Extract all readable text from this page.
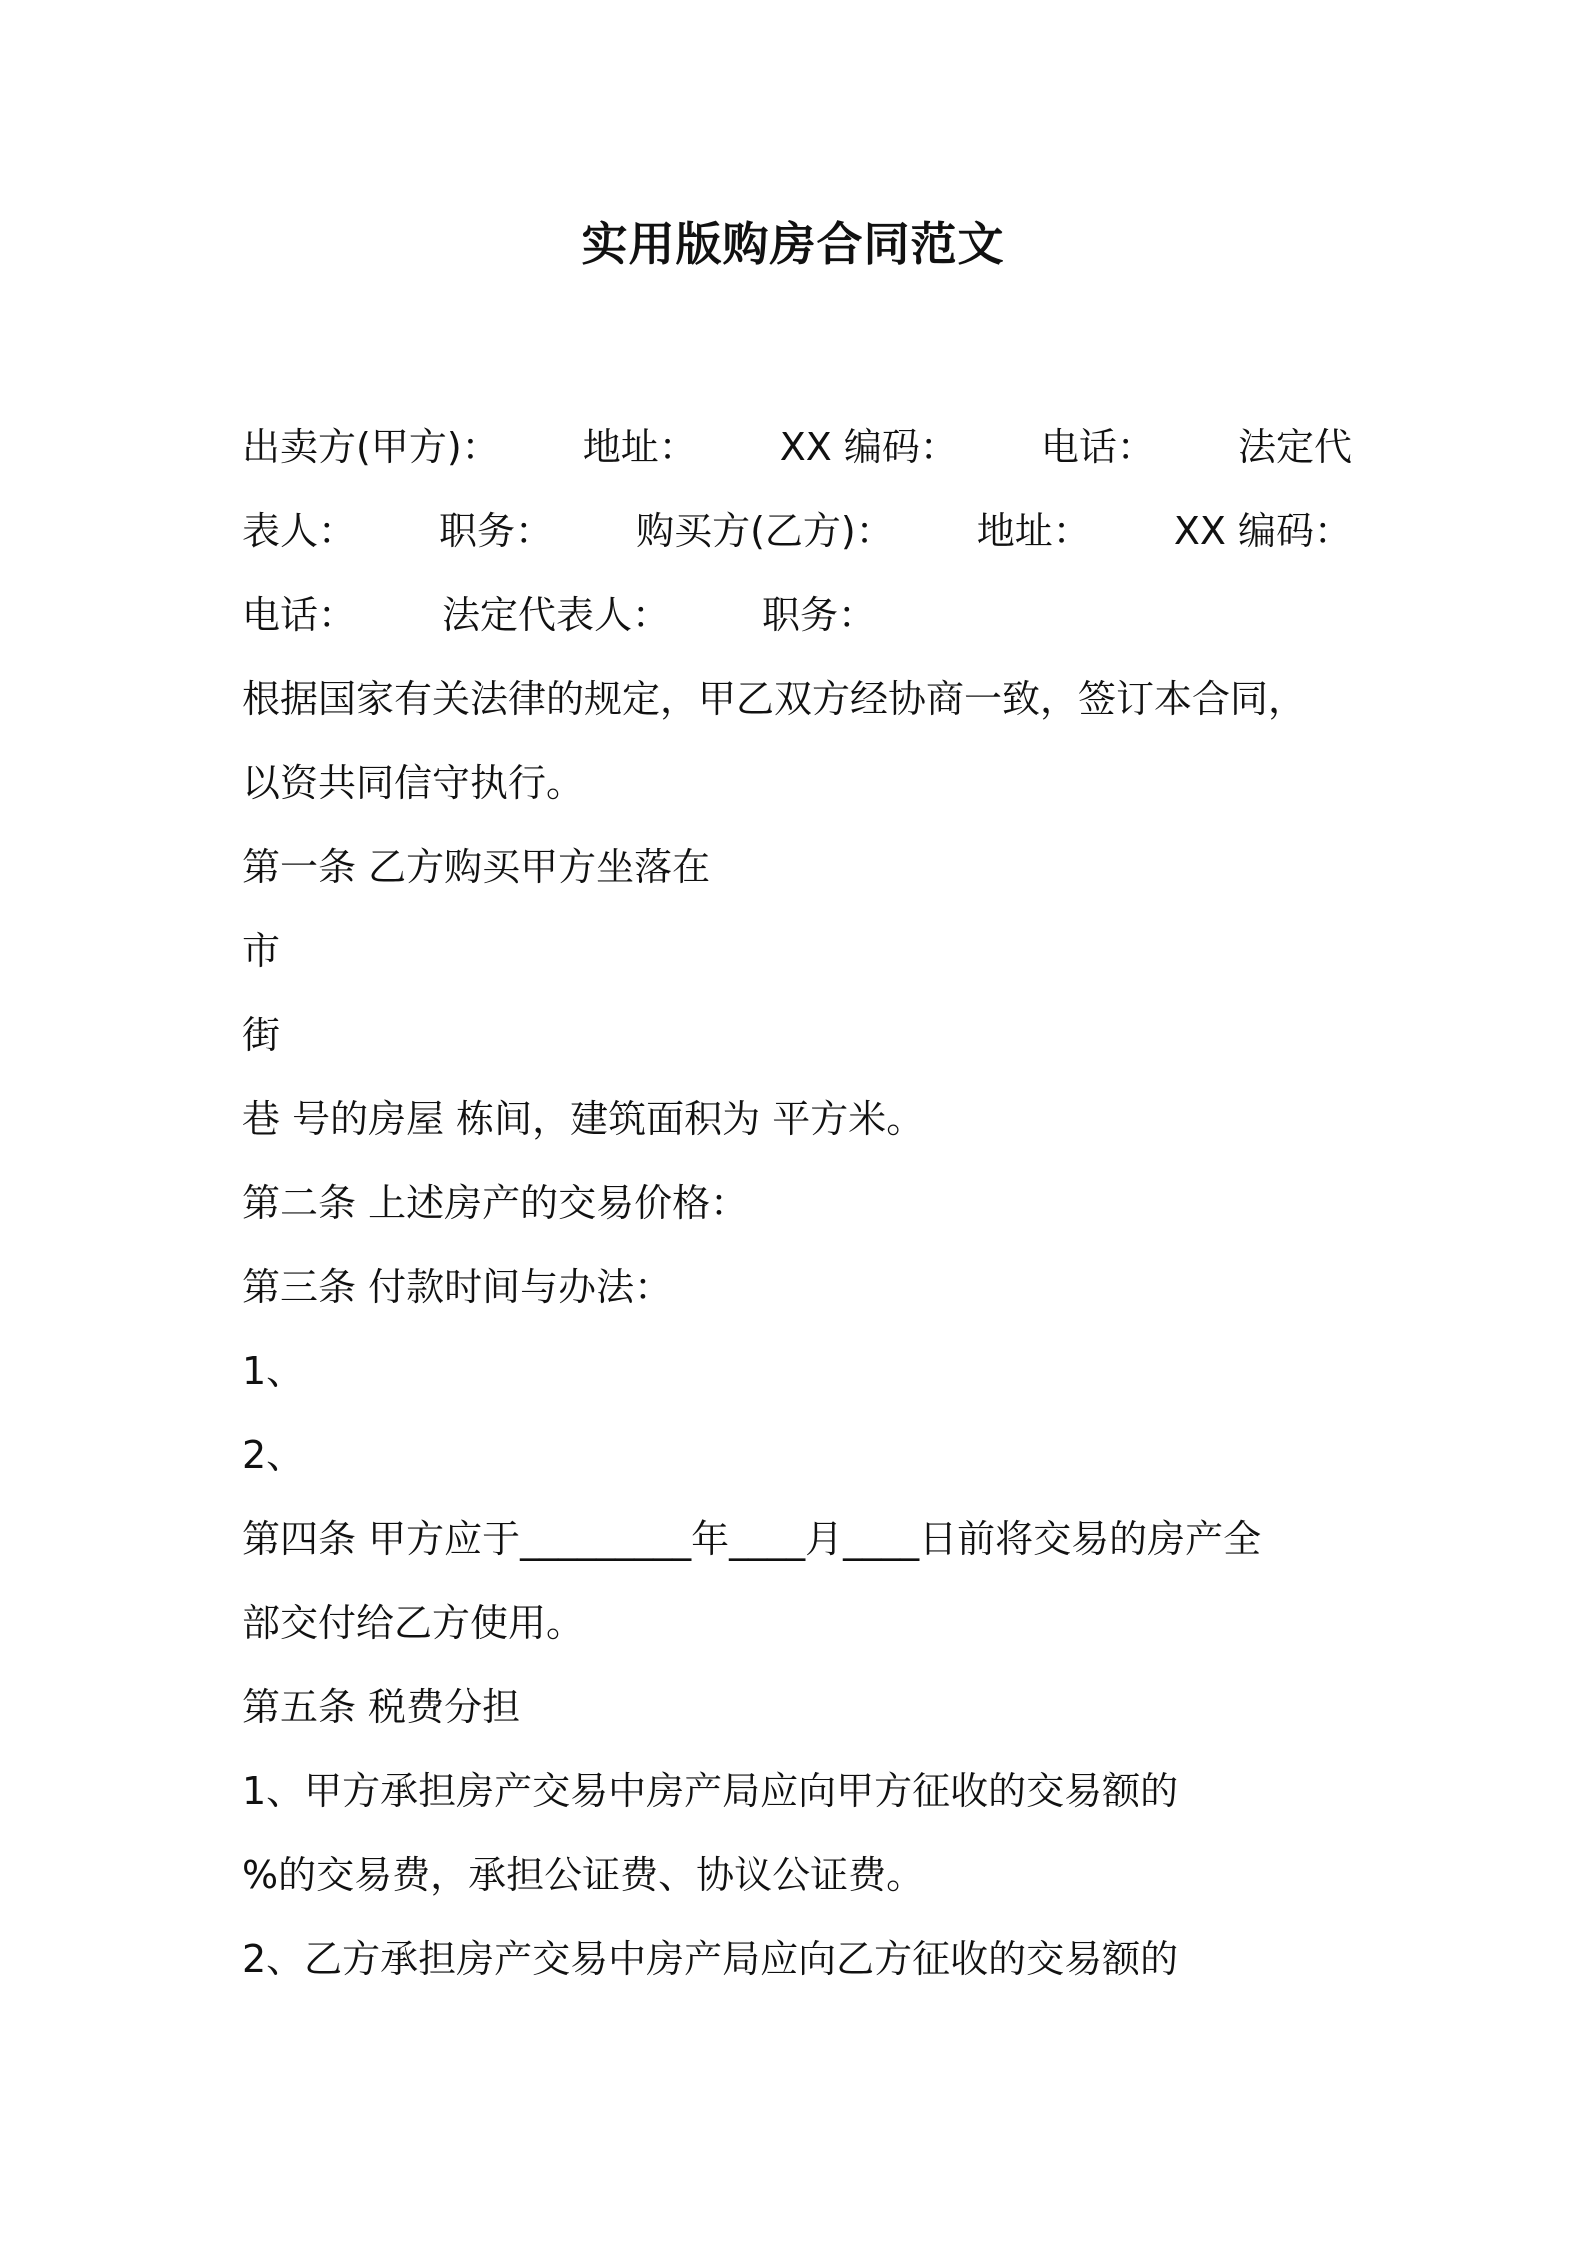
实用版购房合同范文
出卖方(甲方)： 地址： XX 编码： 电话： 法定代
表人： 职务： 购买方(乙方)： 地址： XX 编码：
电话： 法定代表人： 职务：
根据国家有关法律的规定，甲乙双方经协商一致，签订本合同，
以资共同信守执行。
第一条 乙方购买甲方坐落在
市
街
巷 号的房屋 栋间，建筑面积为 平方米。
第二条 上述房产的交易价格：
第三条 付款时间与办法：
1、
2、
第四条 甲方应于_________年____月____日前将交易的房产全
部交付给乙方使用。
第五条 税费分担
1、甲方承担房产交易中房产局应向甲方征收的交易额的
%的交易费，承担公证费、协议公证费。
2、乙方承担房产交易中房产局应向乙方征收的交易额的
